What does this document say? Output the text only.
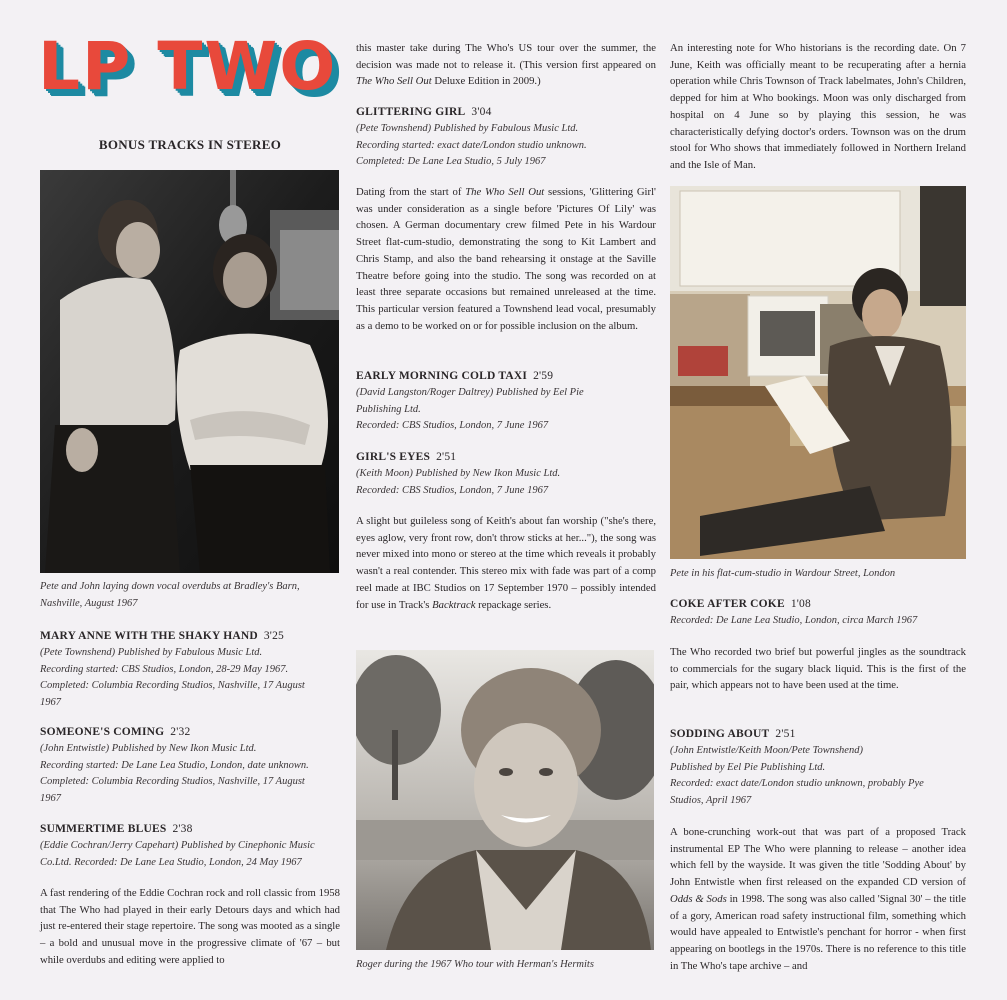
LP TWO
BONUS TRACKS IN STEREO
Pete and John laying down vocal overdubs at Bradley's Barn, Nashville, August 1967
MARY ANNE WITH THE SHAKY HAND 3'25
(Pete Townshend) Published by Fabulous Music Ltd.
Recording started: CBS Studios, London, 28-29 May 1967.
Completed: Columbia Recording Studios, Nashville, 17 August
1967
SOMEONE'S COMING 2'32
(John Entwistle) Published by New Ikon Music Ltd.
Recording started: De Lane Lea Studio, London, date unknown.
Completed: Columbia Recording Studios, Nashville, 17 August
1967
SUMMERTIME BLUES 2'38
(Eddie Cochran/Jerry Capehart) Published by Cinephonic Music
Co.Ltd. Recorded: De Lane Lea Studio, London, 24 May 1967
A fast rendering of the Eddie Cochran rock and roll classic from 1958 that The Who had played in their early Detours days and which had just re-entered their stage repertoire. The song was mooted as a single – a bold and unusual move in the progressive climate of '67 – but while overdubs and editing were applied to
this master take during The Who's US tour over the summer, the decision was made not to release it. (This version first appeared on The Who Sell Out Deluxe Edition in 2009.)
GLITTERING GIRL 3'04
(Pete Townshend) Published by Fabulous Music Ltd.
Recording started: exact date/London studio unknown.
Completed: De Lane Lea Studio, 5 July 1967
Dating from the start of The Who Sell Out sessions, 'Glittering Girl' was under consideration as a single before 'Pictures Of Lily' was chosen. A German documentary crew filmed Pete in his Wardour Street flat-cum-studio, demonstrating the song to Kit Lambert and Chris Stamp, and also the band rehearsing it onstage at the Saville Theatre before going into the studio. The song was recorded on at least three separate occasions but remained unreleased at the time. This particular version featured a Townshend lead vocal, presumably as a demo to be worked on or for possible inclusion on the album.
EARLY MORNING COLD TAXI 2'59
(David Langston/Roger Daltrey) Published by Eel Pie
Publishing Ltd.
Recorded: CBS Studios, London, 7 June 1967
GIRL'S EYES 2'51
(Keith Moon) Published by New Ikon Music Ltd.
Recorded: CBS Studios, London, 7 June 1967
A slight but guileless song of Keith's about fan worship ("she's there, eyes aglow, very front row, don't throw sticks at her..."), the song was never mixed into mono or stereo at the time which reveals it probably wasn't a real contender. This stereo mix with fade was part of a comp reel made at IBC Studios on 17 September 1970 – possibly intended for use in Track's Backtrack repackage series.
Roger during the 1967 Who tour with Herman's Hermits
An interesting note for Who historians is the recording date. On 7 June, Keith was officially meant to be recuperating after a hernia operation while Chris Townson of Track labelmates, John's Children, depped for him at Who bookings. Moon was only discharged from hospital on 4 June so by playing this session, he was characteristically defying doctor's orders. Townson was on the drum stool for Who shows that immediately followed in Northern Ireland and the Isle of Man.
Pete in his flat-cum-studio in Wardour Street, London
COKE AFTER COKE 1'08
Recorded: De Lane Lea Studio, London, circa March 1967
The Who recorded two brief but powerful jingles as the soundtrack to commercials for the sugary black liquid. This is the first of the pair, which appears not to have been used at the time.
SODDING ABOUT 2'51
(John Entwistle/Keith Moon/Pete Townshend)
Published by Eel Pie Publishing Ltd.
Recorded: exact date/London studio unknown, probably Pye
Studios, April 1967
A bone-crunching work-out that was part of a proposed Track instrumental EP The Who were planning to release – another idea which fell by the wayside. It was given the title 'Sodding About' by John Entwistle when first released on the expanded CD version of Odds & Sods in 1998. The song was also called 'Signal 30' – the title of a gory, American road safety instructional film, something which would have appealed to Entwistle's penchant for horror - when first appearing on bootlegs in the 1970s. There is no reference to this title in The Who's tape archive – and
